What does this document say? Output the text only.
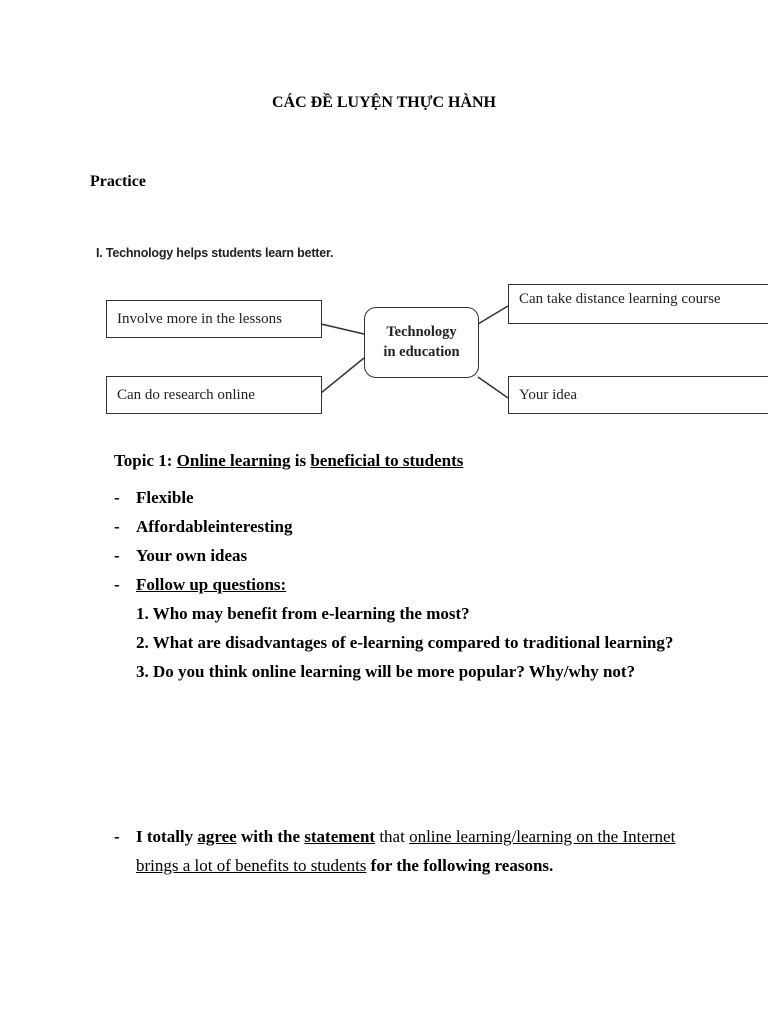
CÁC ĐỀ LUYỆN THỰC HÀNH

Practice

I. Technology helps students learn better.
Involve more in the lessons
Can do research online
Technology
in education
Can take distance learning course
Your idea

Topic 1: Online learning is beneficial to students

- Flexible
- Affordableinteresting
- Your own ideas
- Follow up questions:
1. Who may benefit from e-learning the most?
2. What are disadvantages of e-learning compared to traditional learning?
3. Do you think online learning will be more popular? Why/why not?
- I totally agree with the statement that online learning/learning on the Internet brings a lot of benefits to students for the following reasons.
